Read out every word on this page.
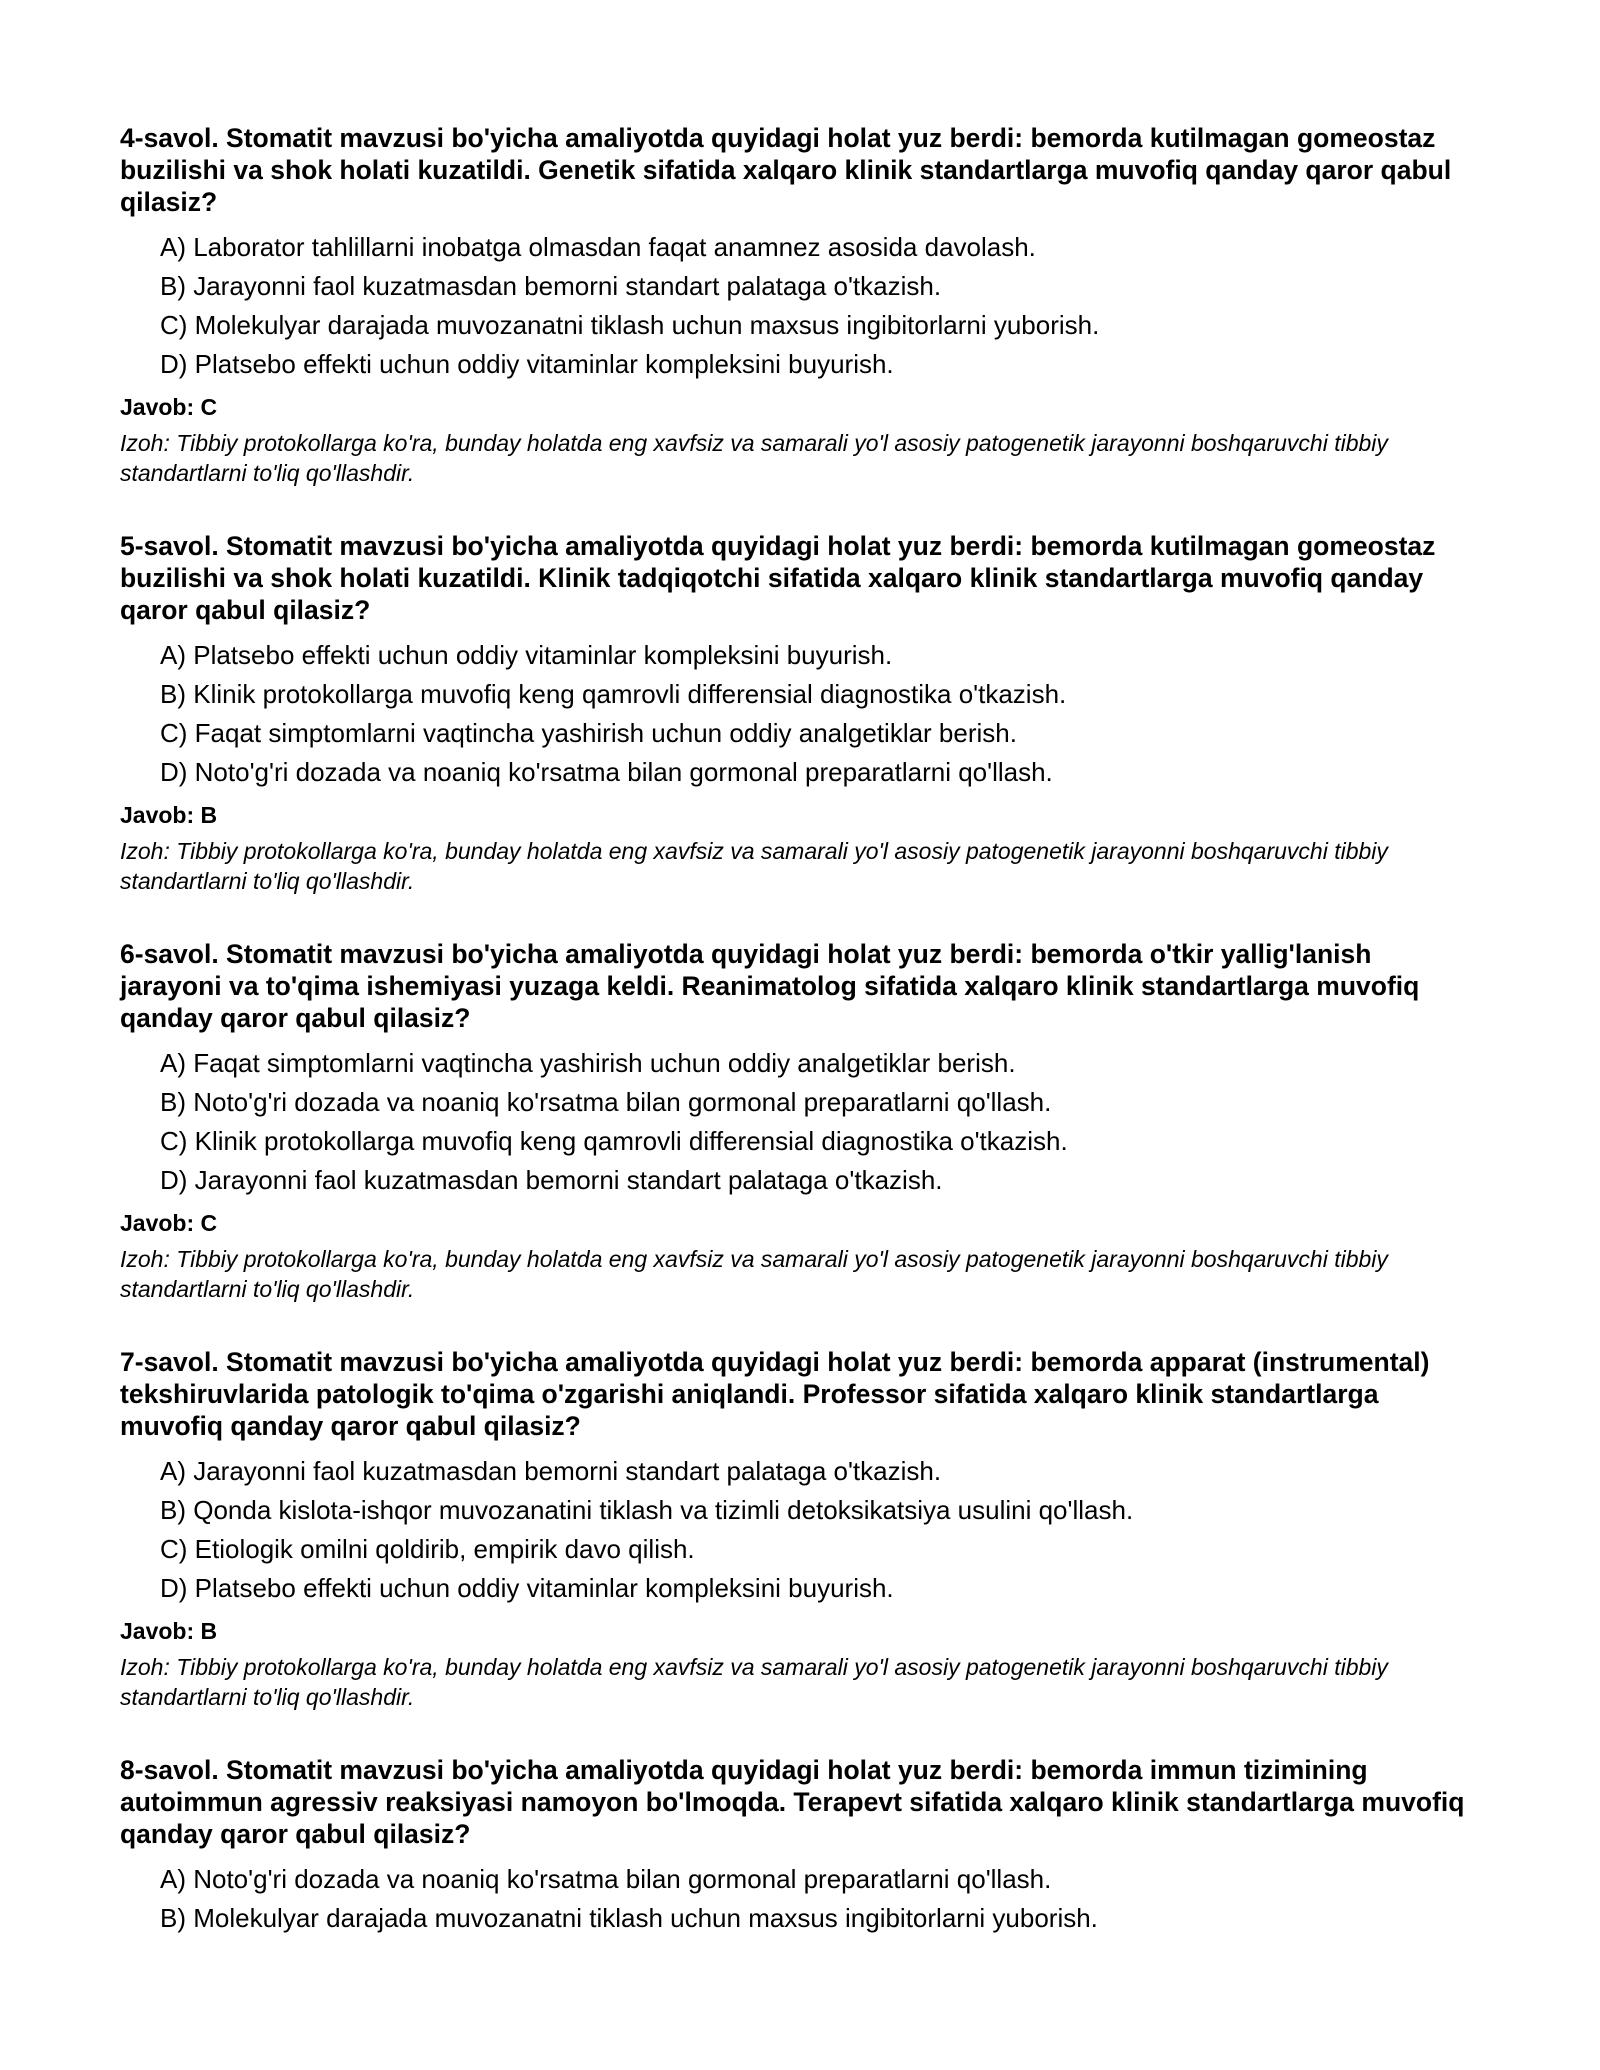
4-savol. Stomatit mavzusi bo'yicha amaliyotda quyidagi holat yuz berdi: bemorda kutilmagan gomeostaz buzilishi va shok holati kuzatildi. Genetik sifatida xalqaro klinik standartlarga muvofiq qanday qaror qabul qilasiz?

A) Laborator tahlillarni inobatga olmasdan faqat anamnez asosida davolash.
B) Jarayonni faol kuzatmasdan bemorni standart palataga o'tkazish.
C) Molekulyar darajada muvozanatni tiklash uchun maxsus ingibitorlarni yuborish.
D) Platsebo effekti uchun oddiy vitaminlar kompleksini buyurish.

Javob: C

Izoh: Tibbiy protokollarga ko'ra, bunday holatda eng xavfsiz va samarali yo'l asosiy patogenetik jarayonni boshqaruvchi tibbiy standartlarni to'liq qo'llashdir.

5-savol. Stomatit mavzusi bo'yicha amaliyotda quyidagi holat yuz berdi: bemorda kutilmagan gomeostaz buzilishi va shok holati kuzatildi. Klinik tadqiqotchi sifatida xalqaro klinik standartlarga muvofiq qanday qaror qabul qilasiz?

A) Platsebo effekti uchun oddiy vitaminlar kompleksini buyurish.
B) Klinik protokollarga muvofiq keng qamrovli differensial diagnostika o'tkazish.
C) Faqat simptomlarni vaqtincha yashirish uchun oddiy analgetiklar berish.
D) Noto'g'ri dozada va noaniq ko'rsatma bilan gormonal preparatlarni qo'llash.

Javob: B

Izoh: Tibbiy protokollarga ko'ra, bunday holatda eng xavfsiz va samarali yo'l asosiy patogenetik jarayonni boshqaruvchi tibbiy standartlarni to'liq qo'llashdir.

6-savol. Stomatit mavzusi bo'yicha amaliyotda quyidagi holat yuz berdi: bemorda o'tkir yallig'lanish jarayoni va to'qima ishemiyasi yuzaga keldi. Reanimatolog sifatida xalqaro klinik standartlarga muvofiq qanday qaror qabul qilasiz?

A) Faqat simptomlarni vaqtincha yashirish uchun oddiy analgetiklar berish.
B) Noto'g'ri dozada va noaniq ko'rsatma bilan gormonal preparatlarni qo'llash.
C) Klinik protokollarga muvofiq keng qamrovli differensial diagnostika o'tkazish.
D) Jarayonni faol kuzatmasdan bemorni standart palataga o'tkazish.

Javob: C

Izoh: Tibbiy protokollarga ko'ra, bunday holatda eng xavfsiz va samarali yo'l asosiy patogenetik jarayonni boshqaruvchi tibbiy standartlarni to'liq qo'llashdir.

7-savol. Stomatit mavzusi bo'yicha amaliyotda quyidagi holat yuz berdi: bemorda apparat (instrumental) tekshiruvlarida patologik to'qima o'zgarishi aniqlandi. Professor sifatida xalqaro klinik standartlarga muvofiq qanday qaror qabul qilasiz?

A) Jarayonni faol kuzatmasdan bemorni standart palataga o'tkazish.
B) Qonda kislota-ishqor muvozanatini tiklash va tizimli detoksikatsiya usulini qo'llash.
C) Etiologik omilni qoldirib, empirik davo qilish.
D) Platsebo effekti uchun oddiy vitaminlar kompleksini buyurish.

Javob: B

Izoh: Tibbiy protokollarga ko'ra, bunday holatda eng xavfsiz va samarali yo'l asosiy patogenetik jarayonni boshqaruvchi tibbiy standartlarni to'liq qo'llashdir.

8-savol. Stomatit mavzusi bo'yicha amaliyotda quyidagi holat yuz berdi: bemorda immun tizimining autoimmun agressiv reaksiyasi namoyon bo'lmoqda. Terapevt sifatida xalqaro klinik standartlarga muvofiq qanday qaror qabul qilasiz?

A) Noto'g'ri dozada va noaniq ko'rsatma bilan gormonal preparatlarni qo'llash.
B) Molekulyar darajada muvozanatni tiklash uchun maxsus ingibitorlarni yuborish.
